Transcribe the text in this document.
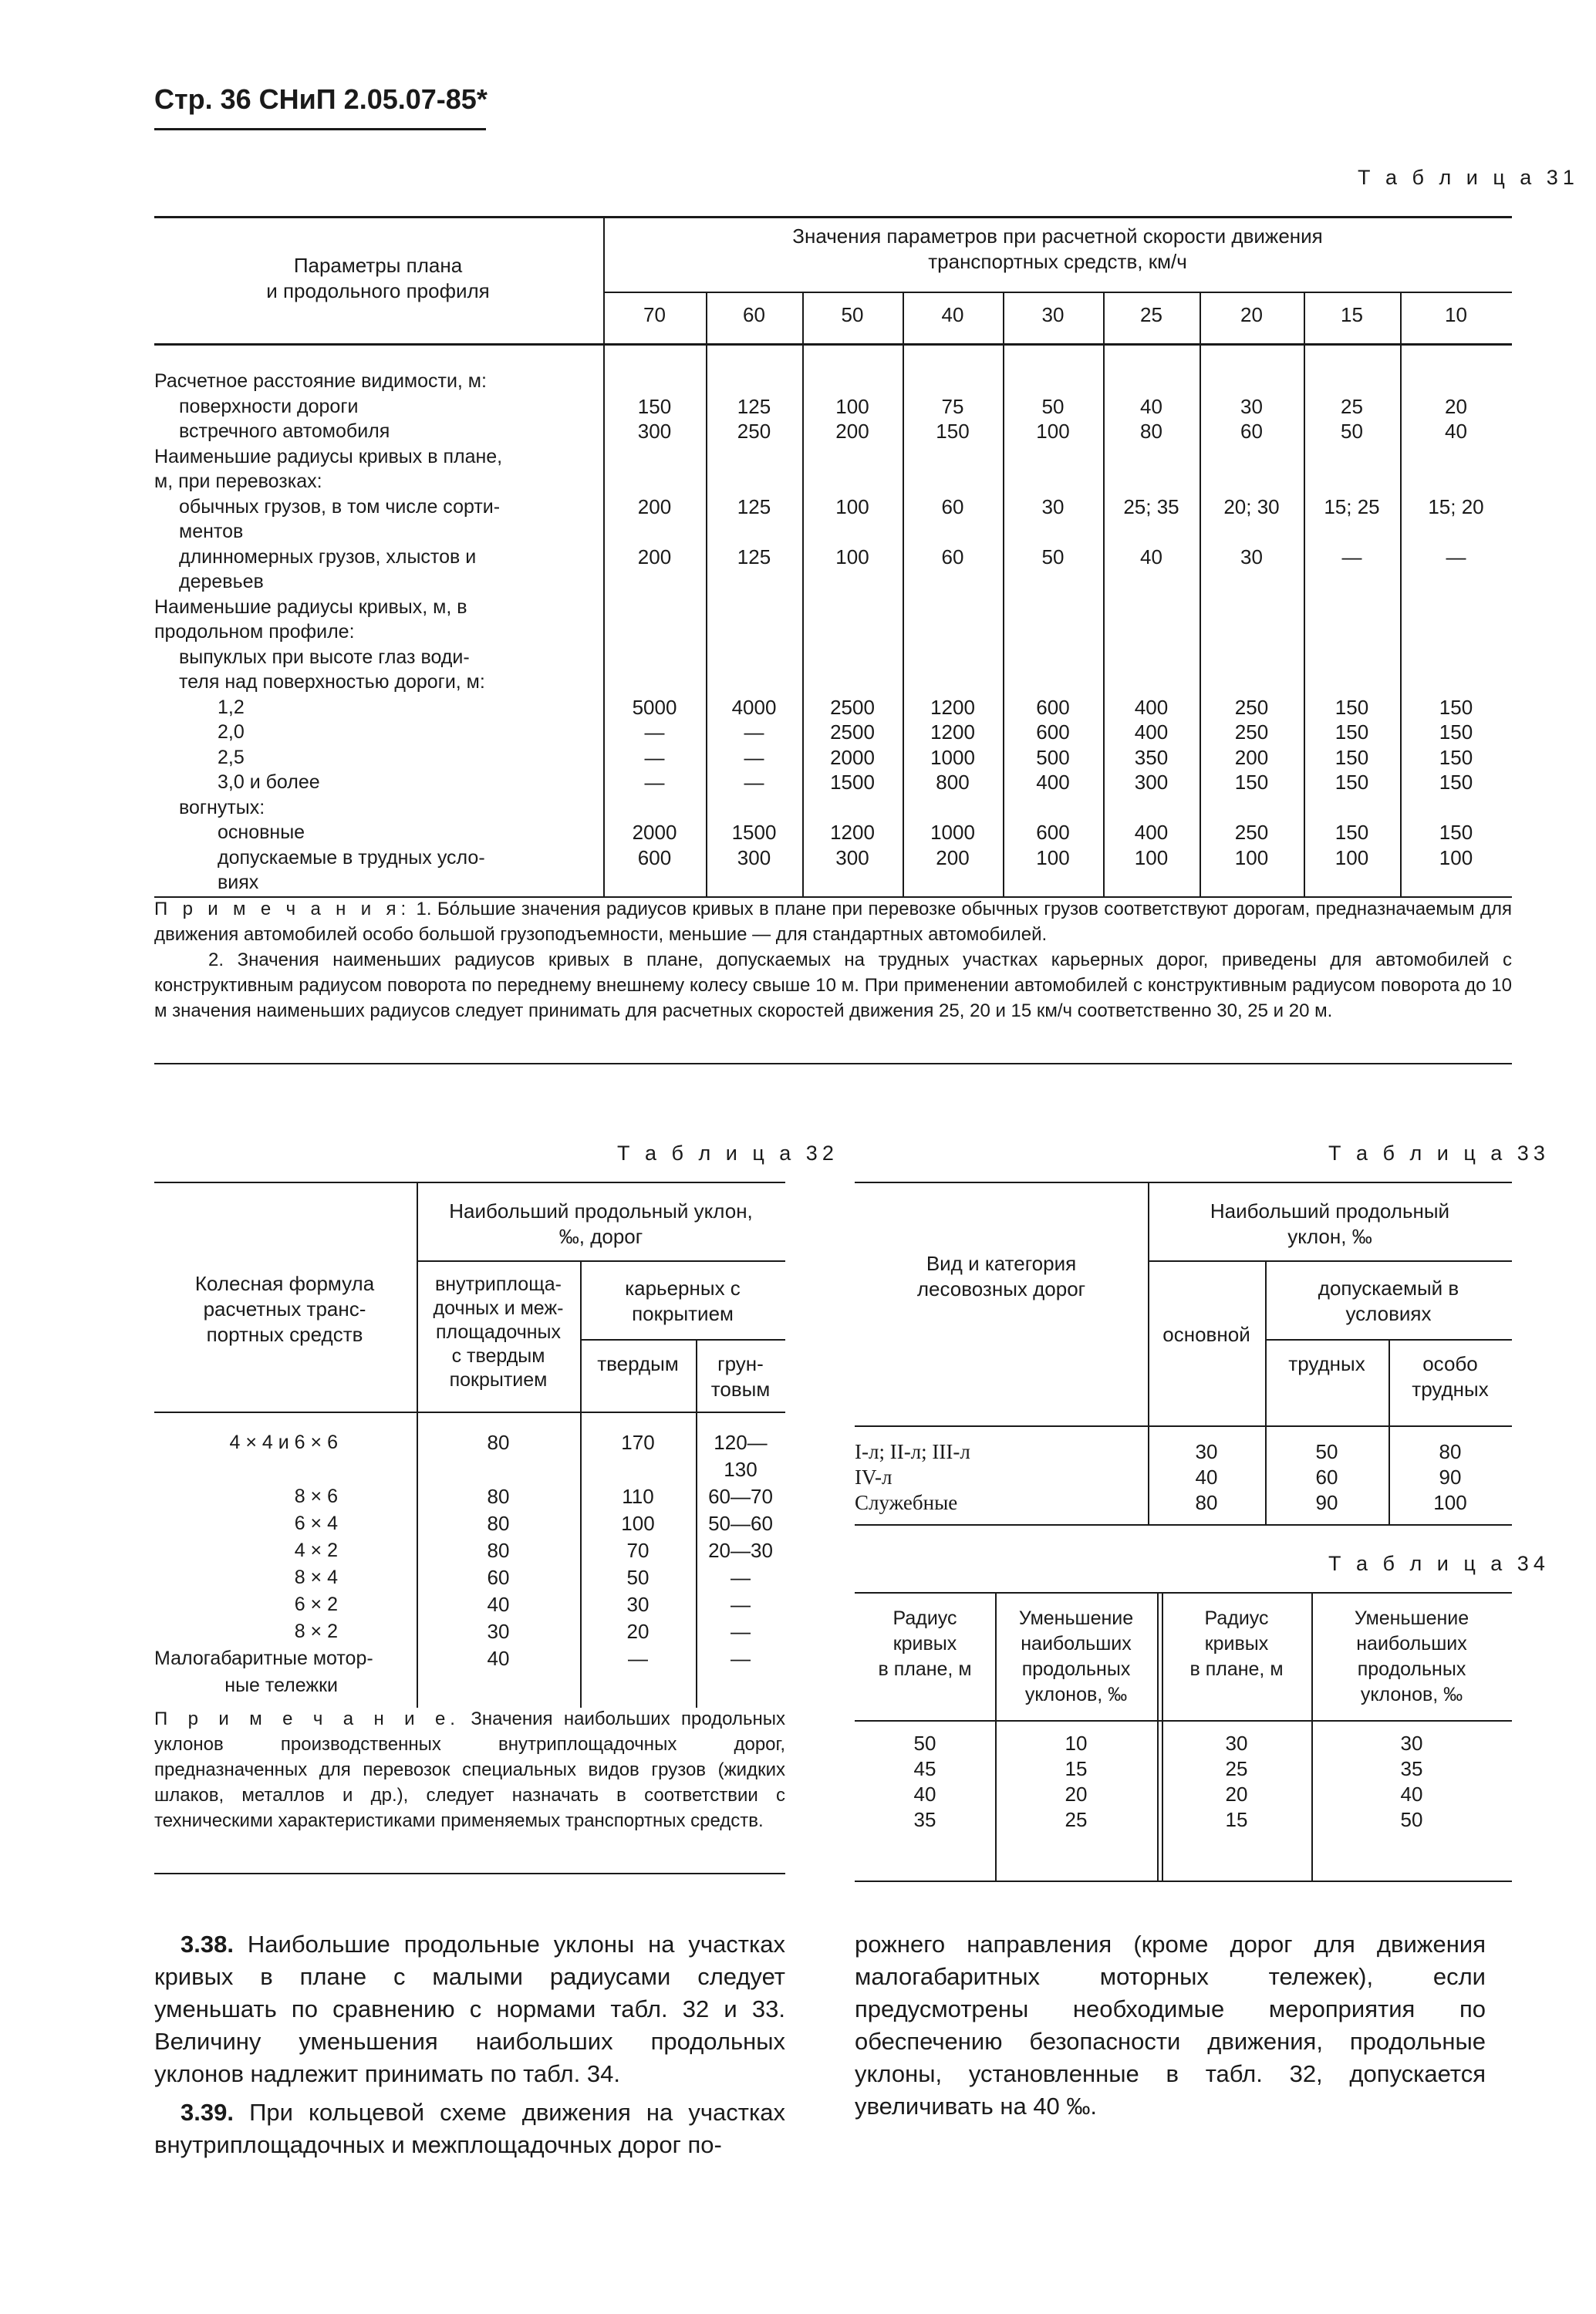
Стр. 36 СНиП 2.05.07-85*
Т а б л и ц а 31
Параметры плана
и продольного профиля
Значения параметров при расчетной скорости движения
транспортных средств, км/ч
70	60	50	40	30	25	20	15	10
Расчетное расстояние видимости, м:
поверхности дороги	150	125	100	75	50	40	30	25	20
встречного автомобиля	300	250	200	150	100	80	60	50	40
Наименьшие радиусы кривых в плане,
м, при перевозках:
обычных грузов, в том числе сорти-	200	125	100	60	30	25; 35	20; 30	15; 25	15; 20
ментов
длинномерных грузов, хлыстов и	200	125	100	60	50	40	30	—	—
деревьев
Наименьшие радиусы кривых, м, в
продольном профиле:
выпуклых при высоте глаз води-
теля над поверхностью дороги, м:
1,2	5000	4000	2500	1200	600	400	250	150	150
2,0	—	—	2500	1200	600	400	250	150	150
2,5	—	—	2000	1000	500	350	200	150	150
3,0 и более	—	—	1500	800	400	300	150	150	150
вогнутых:
основные	2000	1500	1200	1000	600	400	250	150	150
допускаемые в трудных усло-	600	300	300	200	100	100	100	100	100
виях
П р и м е ч а н и я: 1. Бо́льшие значения радиусов кривых в плане при перевозке обычных грузов соответствуют дорогам, предназначаемым для движения автомобилей особо большой грузоподъемности, меньшие — для стандартных автомобилей.
2. Значения наименьших радиусов кривых в плане, допускаемых на трудных участках карьерных дорог, приведены для автомобилей с конструктивным радиусом поворота по переднему внешнему колесу свыше 10 м. При применении автомобилей с конструктивным радиусом поворота до 10 м значения наименьших радиусов следует принимать для расчетных скоростей движения 25, 20 и 15 км/ч соответственно 30, 25 и 20 м.
Т а б л и ц а 32
Колесная формула
расчетных транс-
портных средств
Наибольший продольный уклон,
‰, дорог
внутриплоща-
дочных и меж-
площадочных
с твердым
покрытием
карьерных с
покрытием
твердым	грун-
товым
4 × 4 и 6 × 6	80	170	120—
130
8 × 6	80	110	60—70
6 × 4	80	100	50—60
4 × 2	80	70	20—30
8 × 4	60	50	—
6 × 2	40	30	—
8 × 2	30	20	—
Малогабаритные мотор-	40	—	—
ные тележки
П р и м е ч а н и е. Значения наибольших продольных уклонов производственных внутриплощадочных дорог, предназначенных для перевозок специальных видов грузов (жидких шлаков, металлов и др.), следует назначать в соответствии с техническими характеристиками применяемых транспортных средств.
Т а б л и ц а 33
Вид и категория
лесовозных дорог
Наибольший продольный
уклон, ‰
основной
допускаемый в
условиях
трудных	особо
трудных
I-л; II-л; III-л	30	50	80
IV-л	40	60	90
Служебные	80	90	100
Т а б л и ц а 34
Радиус
кривых
в плане, м
Уменьшение
наибольших
продольных
уклонов, ‰
Радиус
кривых
в плане, м
Уменьшение
наибольших
продольных
уклонов, ‰
50	10	30	30
45	15	25	35
40	20	20	40
35	25	15	50
3.38. Наибольшие продольные уклоны на участках кривых в плане с малыми радиусами следует уменьшать по сравнению с нормами табл. 32 и 33. Величину уменьшения наибольших продольных уклонов надлежит принимать по табл. 34.
3.39. При кольцевой схеме движения на участках внутриплощадочных и межплощадочных дорог по-
рожнего направления (кроме дорог для движения малогабаритных моторных тележек), если предусмотрены необходимые мероприятия по обеспечению безопасности движения, продольные уклоны, установленные в табл. 32, допускается увеличивать на 40 ‰.
